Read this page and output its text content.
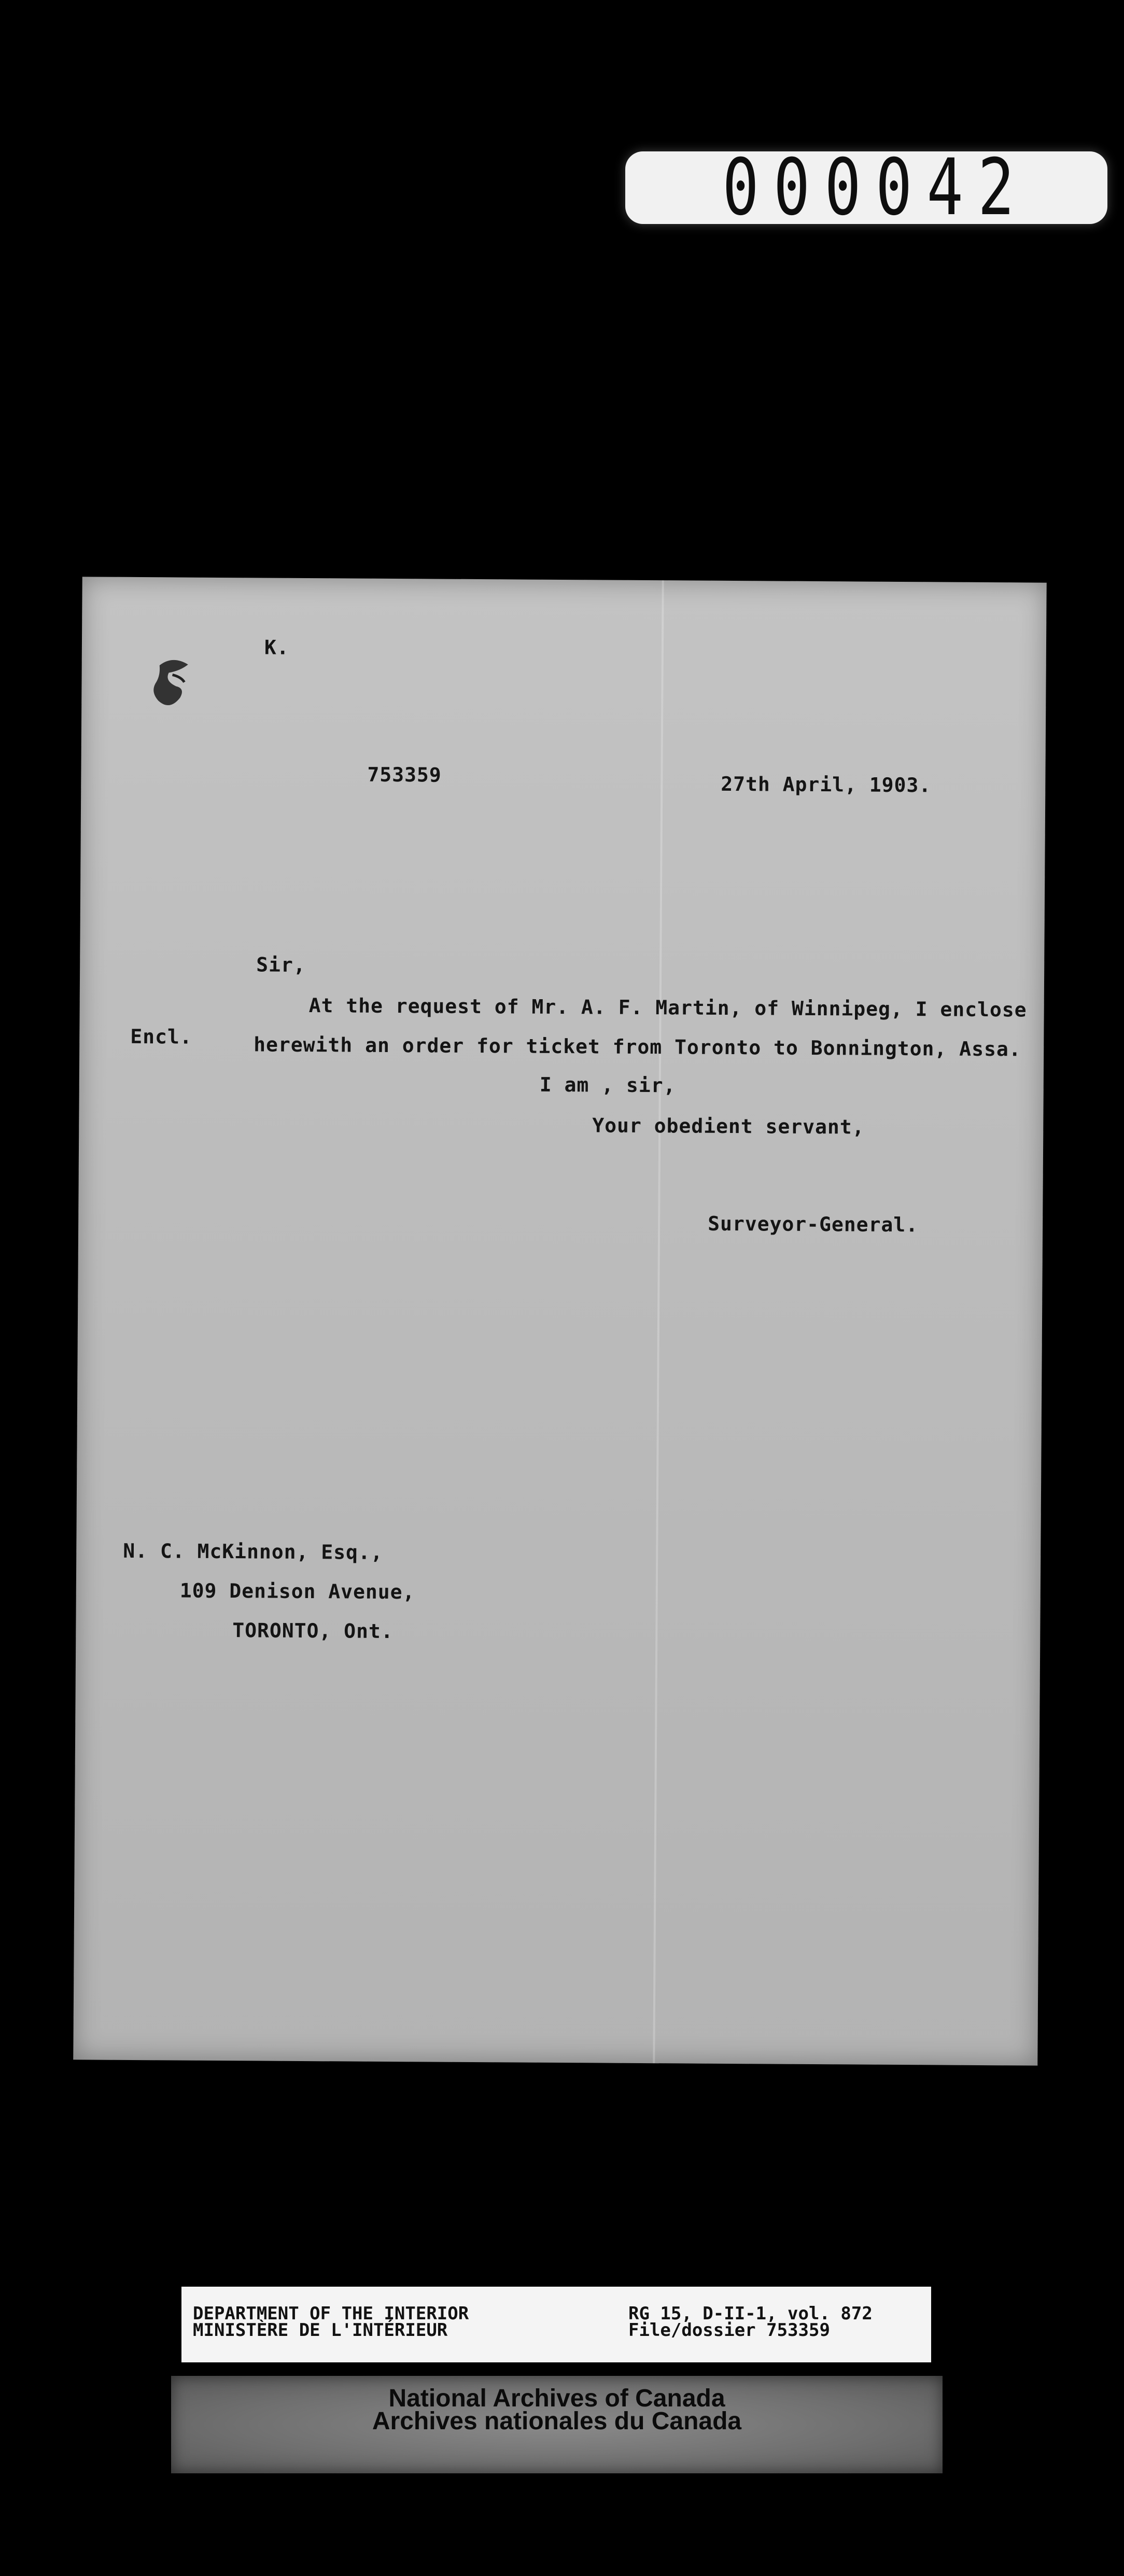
000042
K.
753359	27th April, 1903.
Sir,
At the request of Mr. A. F. Martin, of Winnipeg, I enclose
Encl.	herewith an order for ticket from Toronto to Bonnington, Assa.
I am , sir,
Your obedient servant,
Surveyor-General.
N. C. McKinnon, Esq.,
109 Denison Avenue,
TORONTO, Ont.
DEPARTMENT OF THE INTERIOR
MINISTÈRE DE L'INTÉRIEUR
RG 15, D-II-1, vol. 872
File/dossier 753359
National Archives of Canada
Archives nationales du Canada
